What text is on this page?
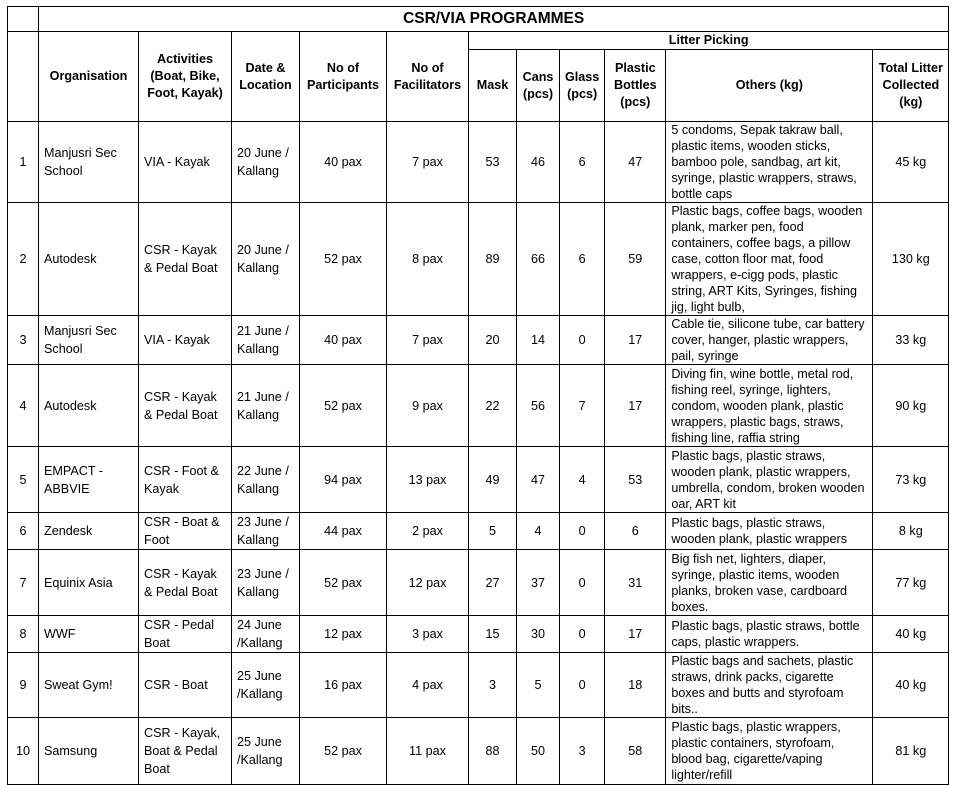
	CSR/VIA PROGRAMMES										
	Organisation	Activities (Boat, Bike, Foot, Kayak)	Date & Location	No of Participants	No of Facilitators	Litter Picking					
						Mask	Cans (pcs)	Glass (pcs)	Plastic Bottles (pcs)	Others (kg)	Total Litter Collected (kg)
1	Manjusri Sec School	VIA - Kayak	20 June / Kallang	40 pax	7 pax	53	46	6	47	5 condoms, Sepak takraw ball, plastic items, wooden sticks, bamboo pole, sandbag, art kit, syringe, plastic wrappers, straws, bottle caps	45 kg
2	Autodesk	CSR - Kayak & Pedal Boat	20 June / Kallang	52 pax	8 pax	89	66	6	59	Plastic bags, coffee bags, wooden plank, marker pen, food containers, coffee bags, a pillow case, cotton floor mat, food wrappers, e-cigg pods, plastic string, ART Kits, Syringes, fishing jig, light bulb,	130 kg
3	Manjusri Sec School	VIA - Kayak	21 June / Kallang	40 pax	7 pax	20	14	0	17	Cable tie, silicone tube, car battery cover, hanger, plastic wrappers, pail, syringe	33 kg
4	Autodesk	CSR - Kayak & Pedal Boat	21 June / Kallang	52 pax	9 pax	22	56	7	17	Diving fin, wine bottle, metal rod, fishing reel, syringe, lighters, condom, wooden plank, plastic wrappers, plastic bags, straws, fishing line, raffia string	90 kg
5	EMPACT - ABBVIE	CSR - Foot & Kayak	22 June / Kallang	94 pax	13 pax	49	47	4	53	Plastic bags, plastic straws, wooden plank, plastic wrappers, umbrella, condom, broken wooden oar, ART kit	73 kg
6	Zendesk	CSR - Boat & Foot	23 June / Kallang	44 pax	2 pax	5	4	0	6	Plastic bags, plastic straws, wooden plank, plastic wrappers	8 kg
7	Equinix Asia	CSR - Kayak & Pedal Boat	23 June / Kallang	52 pax	12 pax	27	37	0	31	Big fish net, lighters, diaper, syringe, plastic items, wooden planks, broken vase, cardboard boxes.	77 kg
8	WWF	CSR - Pedal Boat	24 June /Kallang	12 pax	3 pax	15	30	0	17	Plastic bags, plastic straws, bottle caps, plastic wrappers.	40 kg
9	Sweat Gym!	CSR - Boat	25 June /Kallang	16 pax	4 pax	3	5	0	18	Plastic bags and sachets, plastic straws, drink packs, cigarette boxes and butts and styrofoam bits..	40 kg
10	Samsung	CSR - Kayak, Boat & Pedal Boat	25 June /Kallang	52 pax	11 pax	88	50	3	58	Plastic bags, plastic wrappers, plastic containers, styrofoam, blood bag, cigarette/vaping lighter/refill	81 kg
